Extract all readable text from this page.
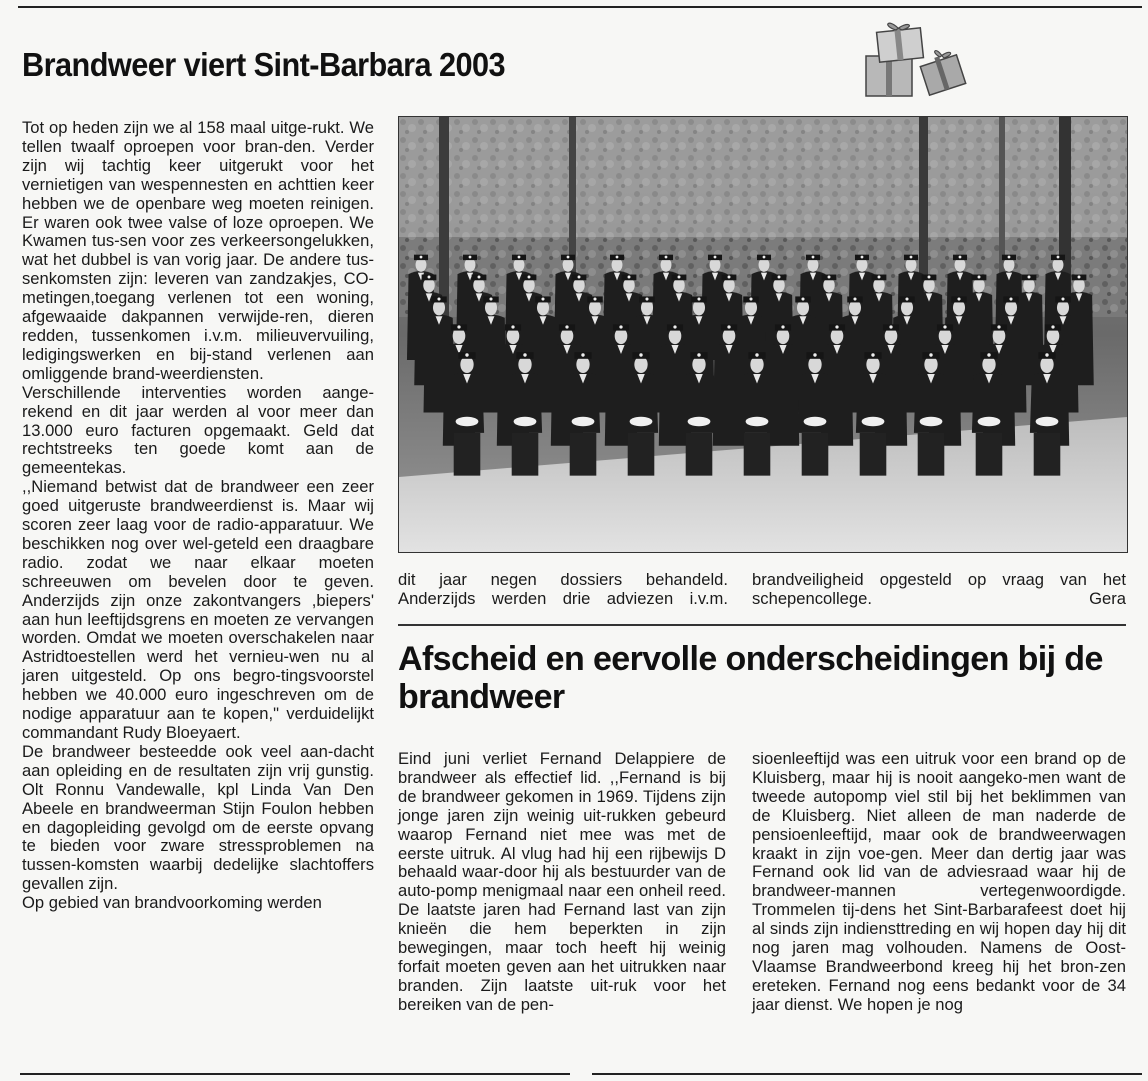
Brandweer viert Sint-Barbara 2003

Tot op heden zijn we al 158 maal uitge-rukt. We tellen twaalf oproepen voor bran-den. Verder zijn wij tachtig keer uitgerukt voor het vernietigen van wespennesten en achttien keer hebben we de openbare weg moeten reinigen. Er waren ook twee valse of loze oproepen. We Kwamen tus-sen voor zes verkeersongelukken, wat het dubbel is van vorig jaar. De andere tus-senkomsten zijn: leveren van zandzakjes, CO-metingen,toegang verlenen tot een woning, afgewaaide dakpannen verwijde-ren, dieren redden, tussenkomen i.v.m. milieuvervuiling, ledigingswerken en bij-stand verlenen aan omliggende brand-weerdiensten.

Verschillende interventies worden aange-rekend en dit jaar werden al voor meer dan 13.000 euro facturen opgemaakt. Geld dat rechtstreeks ten goede komt aan de gemeentekas.

,,Niemand betwist dat de brandweer een zeer goed uitgeruste brandweerdienst is. Maar wij scoren zeer laag voor de radio-apparatuur. We beschikken nog over wel-geteld een draagbare radio. zodat we naar elkaar moeten schreeuwen om bevelen door te geven. Anderzijds zijn onze zakontvangers ,biepers' aan hun leeftijdsgrens en moeten ze vervangen worden. Omdat we moeten overschakelen naar Astridtoestellen werd het vernieu-wen nu al jaren uitgesteld. Op ons begro-tingsvoorstel hebben we 40.000 euro ingeschreven om de nodige apparatuur aan te kopen," verduidelijkt commandant Rudy Bloeyaert.

De brandweer besteedde ook veel aan-dacht aan opleiding en de resultaten zijn vrij gunstig. Olt Ronnu Vandewalle, kpl Linda Van Den Abeele en brandweerman Stijn Foulon hebben en dagopleiding gevolgd om de eerste opvang te bieden voor zware stressproblemen na tussen-komsten waarbij dedelijke slachtoffers gevallen zijn.

Op gebied van brandvoorkoming werden

dit jaar negen dossiers behandeld. Anderzijds werden drie adviezen i.v.m.

brandveiligheid opgesteld op vraag van het schepencollege.	Gera
Afscheid en eervolle onderscheidingen bij de brandweer

Eind juni verliet Fernand Delappiere de brandweer als effectief lid. ,,Fernand is bij de brandweer gekomen in 1969. Tijdens zijn jonge jaren zijn weinig uit-rukken gebeurd waarop Fernand niet mee was met de eerste uitruk. Al vlug had hij een rijbewijs D behaald waar-door hij als bestuurder van de auto-pomp menigmaal naar een onheil reed. De laatste jaren had Fernand last van zijn knieën die hem beperkten in zijn bewegingen, maar toch heeft hij weinig forfait moeten geven aan het uitrukken naar branden. Zijn laatste uit-ruk voor het bereiken van de pen-

sioenleeftijd was een uitruk voor een brand op de Kluisberg, maar hij is nooit aangeko-men want de tweede autopomp viel stil bij het beklimmen van de Kluisberg. Niet alleen de man naderde de pensioenleeftijd, maar ook de brandweerwagen kraakt in zijn voe-gen. Meer dan dertig jaar was Fernand ook lid van de adviesraad waar hij de brandweer-mannen vertegenwoordigde. Trommelen tij-dens het Sint-Barbarafeest doet hij al sinds zijn indiensttreding en wij hopen day hij dit nog jaren mag volhouden. Namens de Oost-Vlaamse Brandweerbond kreeg hij het bron-zen ereteken. Fernand nog eens bedankt voor de 34 jaar dienst. We hopen je nog
